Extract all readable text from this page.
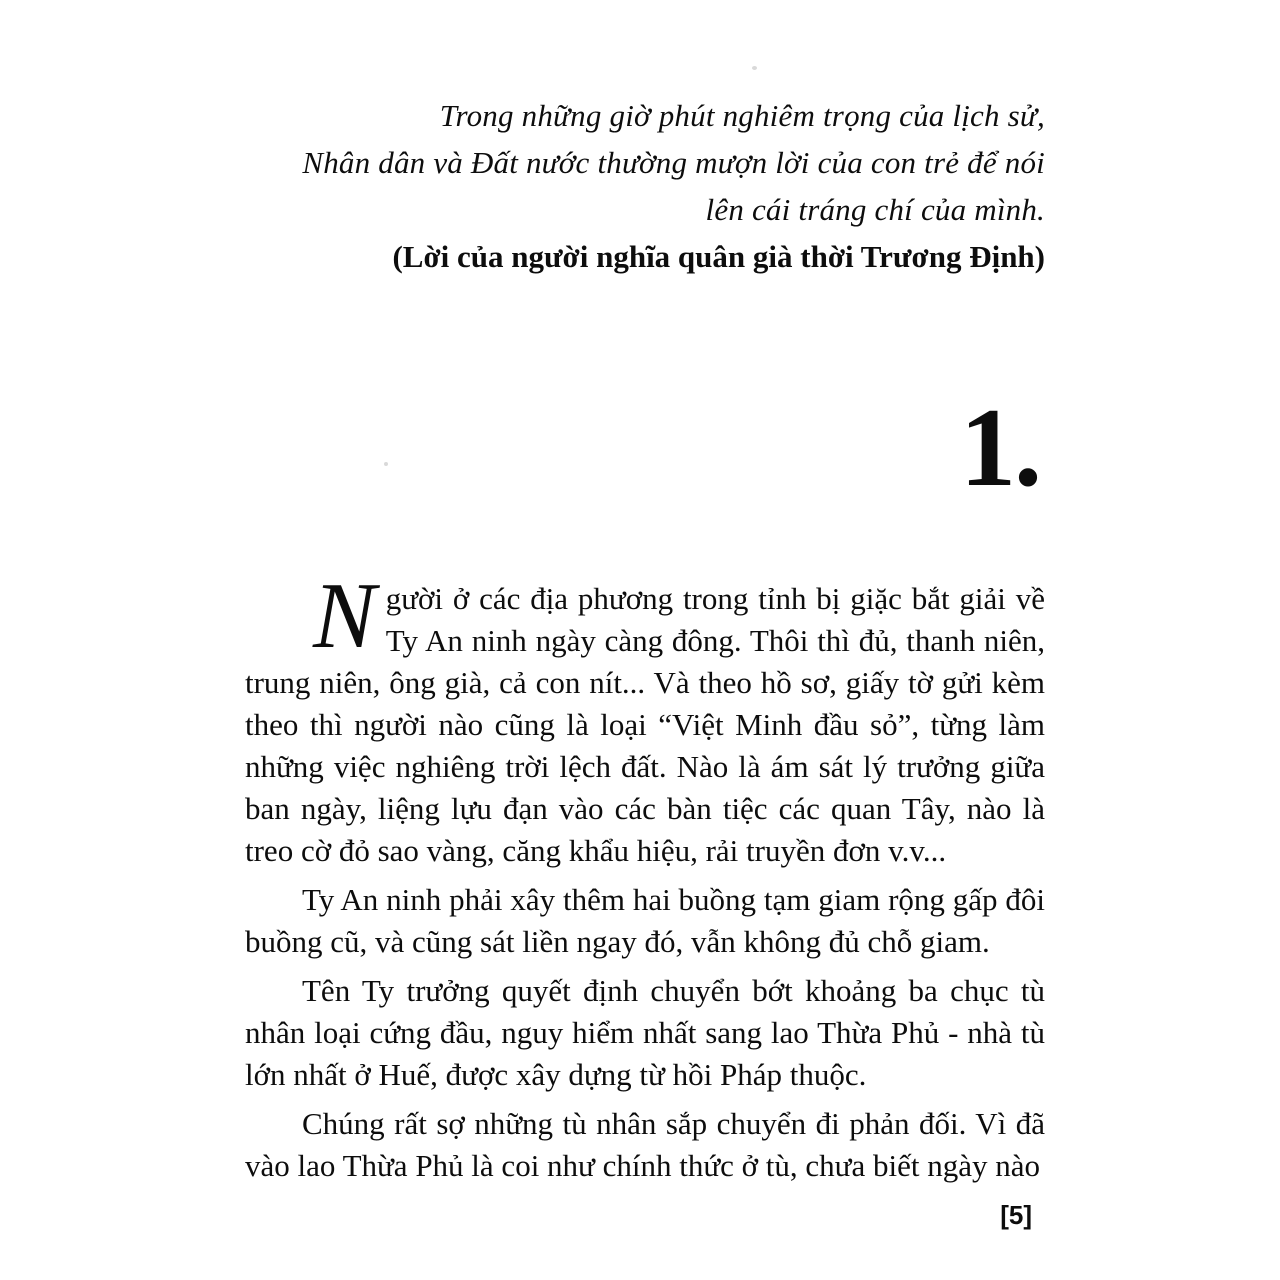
Trong những giờ phút nghiêm trọng của lịch sử,

Nhân dân và Đất nước thường mượn lời của con trẻ để nói

lên cái tráng chí của mình.

(Lời của người nghĩa quân già thời Trương Định)

1.

Người ở các địa phương trong tỉnh bị giặc bắt giải về Ty An ninh ngày càng đông. Thôi thì đủ, thanh niên, trung niên, ông già, cả con nít... Và theo hồ sơ, giấy tờ gửi kèm theo thì người nào cũng là loại “Việt Minh đầu sỏ”, từng làm những việc nghiêng trời lệch đất. Nào là ám sát lý trưởng giữa ban ngày, liệng lựu đạn vào các bàn tiệc các quan Tây, nào là treo cờ đỏ sao vàng, căng khẩu hiệu, rải truyền đơn v.v...

Ty An ninh phải xây thêm hai buồng tạm giam rộng gấp đôi buồng cũ, và cũng sát liền ngay đó, vẫn không đủ chỗ giam.

Tên Ty trưởng quyết định chuyển bớt khoảng ba chục tù nhân loại cứng đầu, nguy hiểm nhất sang lao Thừa Phủ - nhà tù lớn nhất ở Huế, được xây dựng từ hồi Pháp thuộc.

Chúng rất sợ những tù nhân sắp chuyển đi phản đối. Vì đã vào lao Thừa Phủ là coi như chính thức ở tù, chưa biết ngày nào

[5]
